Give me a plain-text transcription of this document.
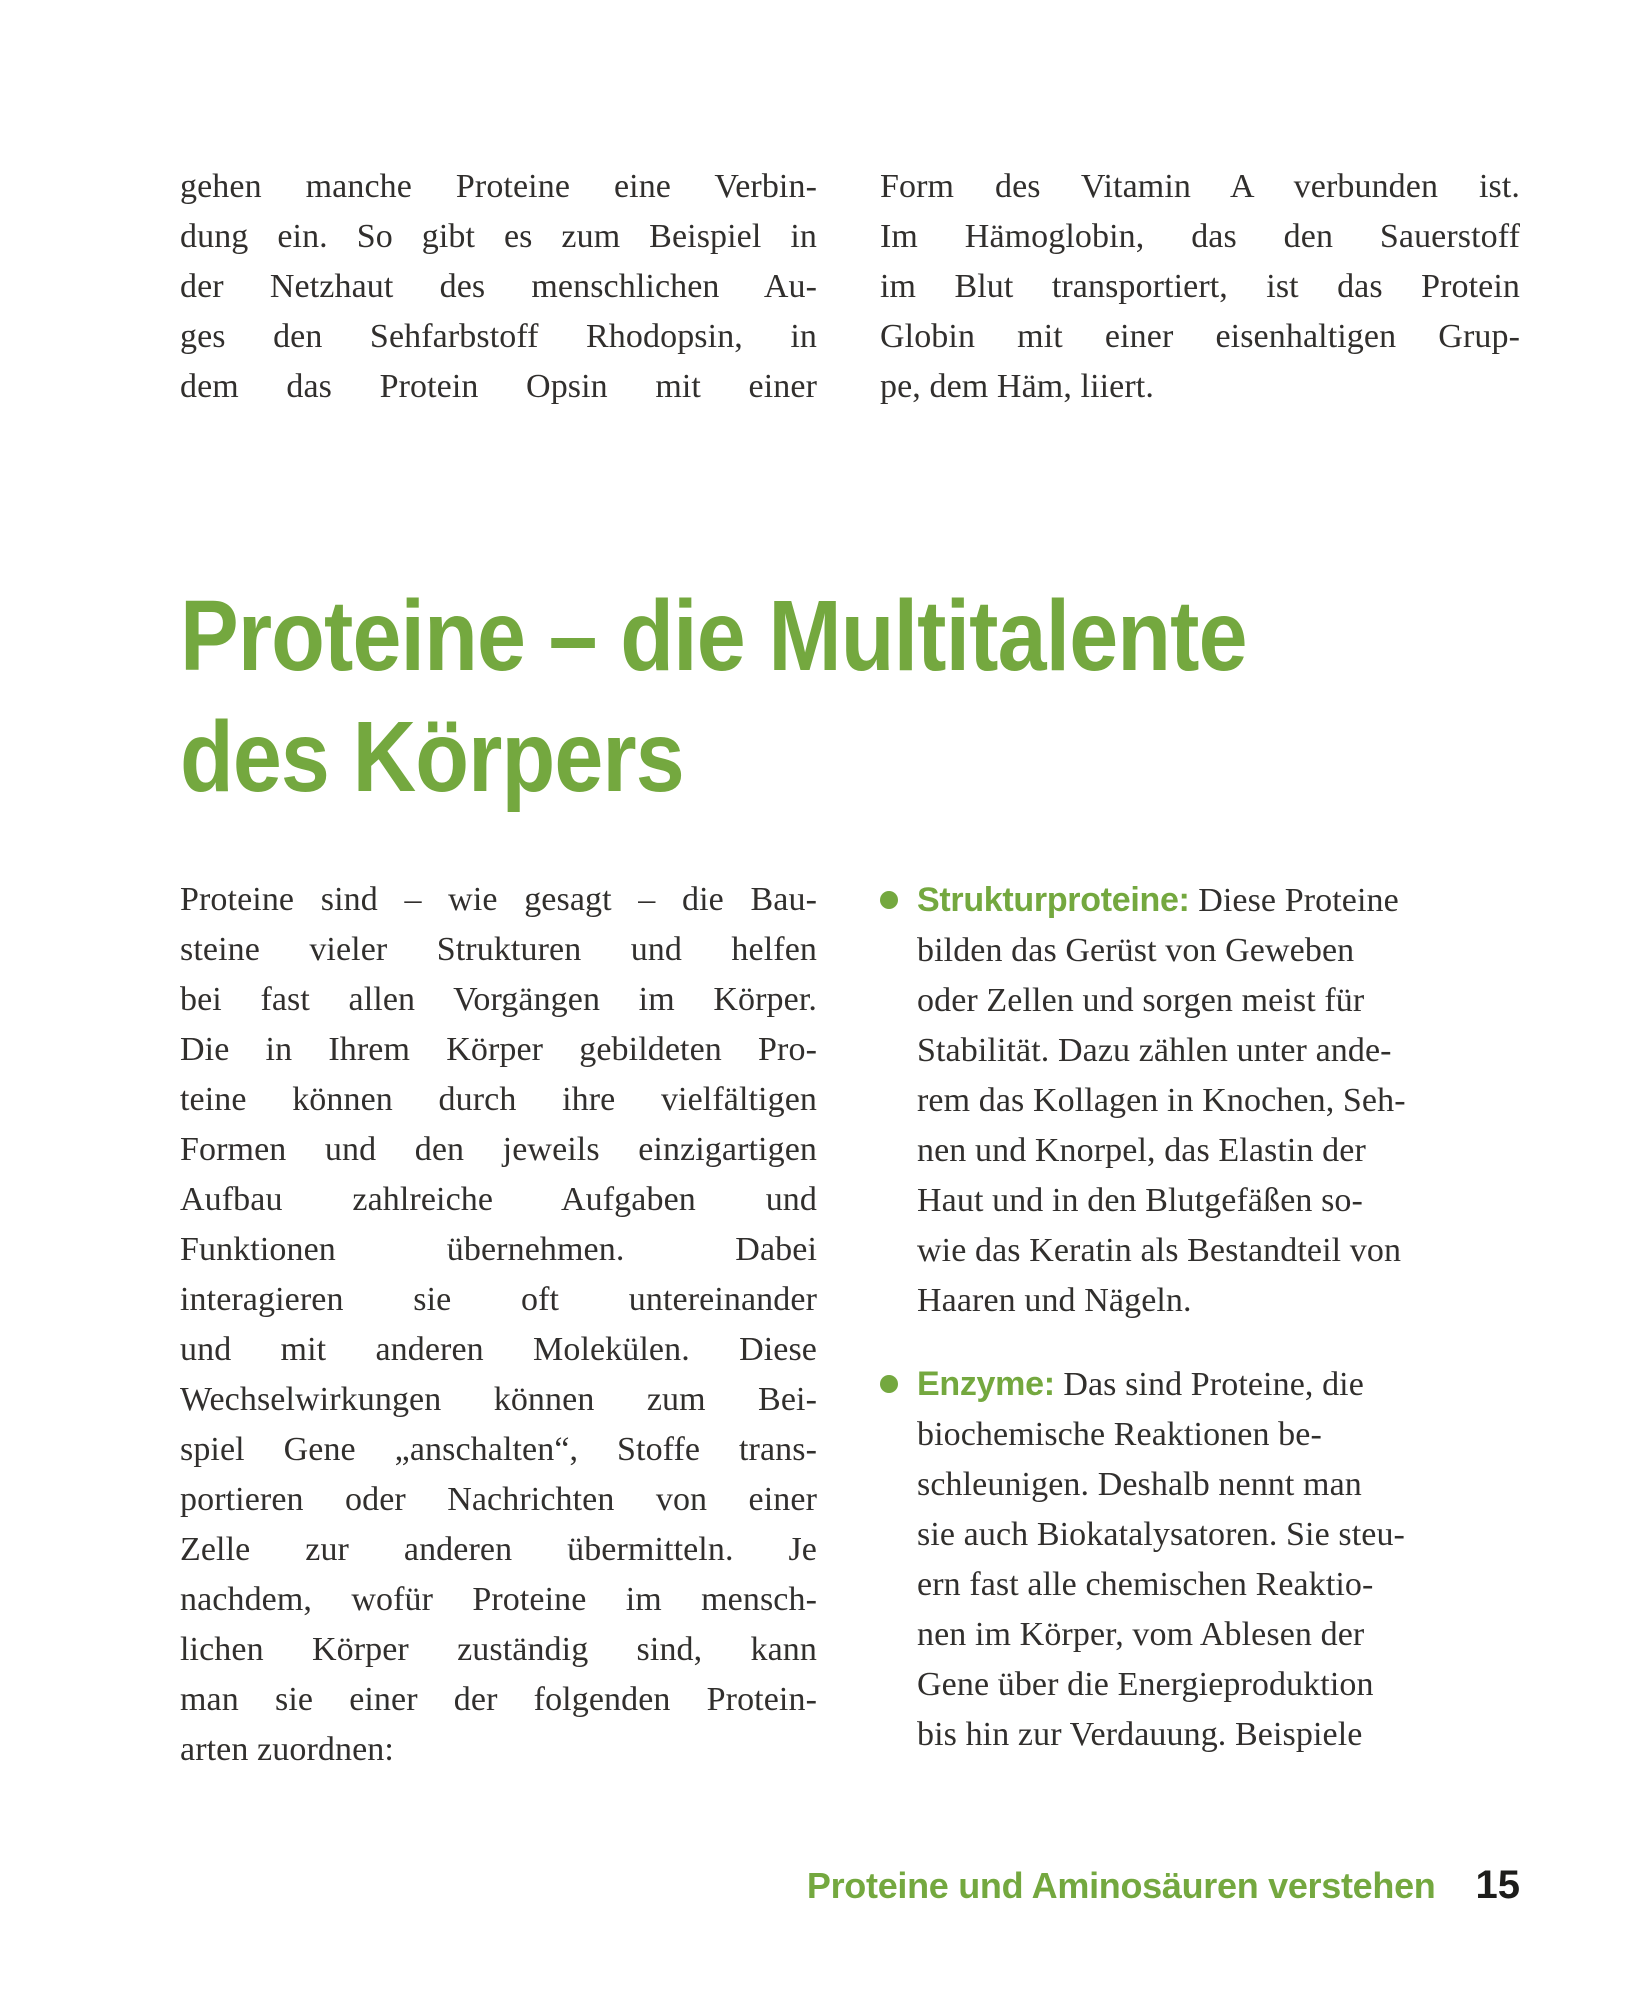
gehen manche Proteine eine Verbin-
dung ein. So gibt es zum Beispiel in
der Netzhaut des menschlichen Au-
ges den Sehfarbstoff Rhodopsin, in
dem das Protein Opsin mit einer
Form des Vitamin A verbunden ist.
Im Hämoglobin, das den Sauerstoff
im Blut transportiert, ist das Protein
Globin mit einer eisenhaltigen Grup-
pe, dem Häm, liiert.
Proteine – die Multitalente
des Körpers
Proteine sind – wie gesagt – die Bau-
steine vieler Strukturen und helfen
bei fast allen Vorgängen im Körper.
Die in Ihrem Körper gebildeten Pro-
teine können durch ihre vielfältigen
Formen und den jeweils einzigartigen
Aufbau zahlreiche Aufgaben und
Funktionen übernehmen. Dabei
interagieren sie oft untereinander
und mit anderen Molekülen. Diese
Wechselwirkungen können zum Bei-
spiel Gene „anschalten“, Stoffe trans-
portieren oder Nachrichten von einer
Zelle zur anderen übermitteln. Je
nachdem, wofür Proteine im mensch-
lichen Körper zuständig sind, kann
man sie einer der folgenden Protein-
arten zuordnen:
Strukturproteine: Diese Proteine
bilden das Gerüst von Geweben
oder Zellen und sorgen meist für
Stabilität. Dazu zählen unter ande-
rem das Kollagen in Knochen, Seh-
nen und Knorpel, das Elastin der
Haut und in den Blutgefäßen so-
wie das Keratin als Bestandteil von
Haaren und Nägeln.
Enzyme: Das sind Proteine, die
biochemische Reaktionen be-
schleunigen. Deshalb nennt man
sie auch Biokatalysatoren. Sie steu-
ern fast alle chemischen Reaktio-
nen im Körper, vom Ablesen der
Gene über die Energieproduktion
bis hin zur Verdauung. Beispiele
Proteine und Aminosäuren verstehen 15
